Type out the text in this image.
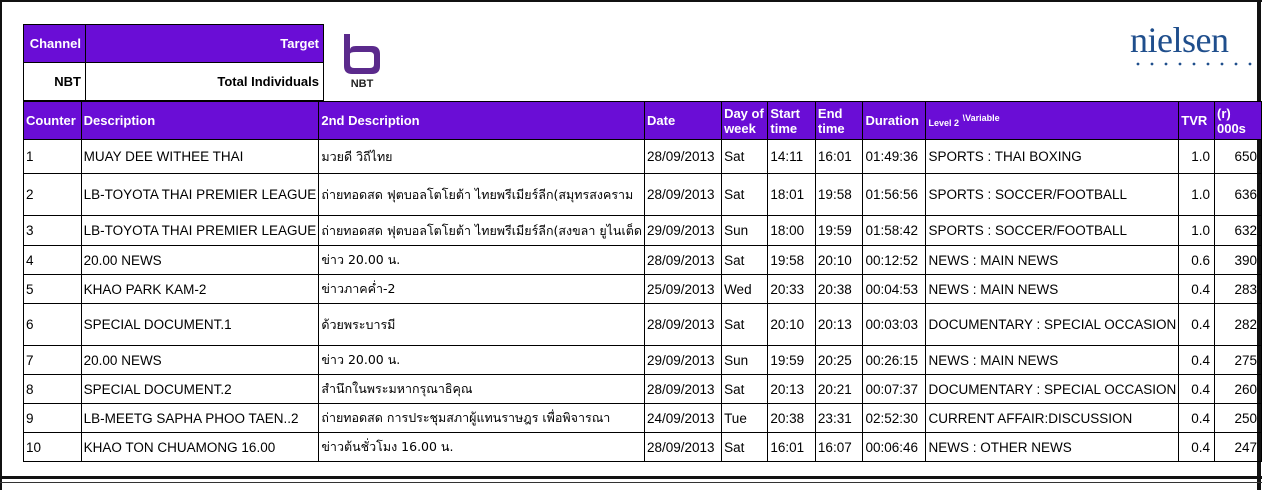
Channel	Target
NBT	Total Individuals	NBT
nielsen
Counter	Description	2nd Description	Date	Day of week	Start time	End time	Duration	Level 2 $^{\backslash Variable}$	TVR	(r) 000s
1	MUAY DEE WITHEE THAI	มวยดี วิถีไทย	28/09/2013	Sat	14:11	16:01	01:49:36	SPORTS : THAI BOXING	1.0	650
2	LB-TOYOTA THAI PREMIER LEAGUE	ถ่ายทอดสด ฟุตบอลโตโยต้า ไทยพรีเมียร์ลีก(สมุทรสงคราม	28/09/2013	Sat	18:01	19:58	01:56:56	SPORTS : SOCCER/FOOTBALL	1.0	636
3	LB-TOYOTA THAI PREMIER LEAGUE	ถ่ายทอดสด ฟุตบอลโตโยต้า ไทยพรีเมียร์ลีก(สงขลา ยูไนเต็ด	29/09/2013	Sun	18:00	19:59	01:58:42	SPORTS : SOCCER/FOOTBALL	1.0	632
4	20.00 NEWS	ข่าว 20.00 น.	28/09/2013	Sat	19:58	20:10	00:12:52	NEWS : MAIN NEWS	0.6	390
5	KHAO PARK KAM-2	ข่าวภาคค่ำ-2	25/09/2013	Wed	20:33	20:38	00:04:53	NEWS : MAIN NEWS	0.4	283
6	SPECIAL DOCUMENT.1	ด้วยพระบารมี	28/09/2013	Sat	20:10	20:13	00:03:03	DOCUMENTARY : SPECIAL OCCASION	0.4	282
7	20.00 NEWS	ข่าว 20.00 น.	29/09/2013	Sun	19:59	20:25	00:26:15	NEWS : MAIN NEWS	0.4	275
8	SPECIAL DOCUMENT.2	สำนึกในพระมหากรุณาธิคุณ	28/09/2013	Sat	20:13	20:21	00:07:37	DOCUMENTARY : SPECIAL OCCASION	0.4	260
9	LB-MEETG SAPHA PHOO TAEN..2	ถ่ายทอดสด การประชุมสภาผู้แทนราษฎร เพื่อพิจารณา	24/09/2013	Tue	20:38	23:31	02:52:30	CURRENT AFFAIR:DISCUSSION	0.4	250
10	KHAO TON CHUAMONG 16.00	ข่าวต้นชั่วโมง 16.00 น.	28/09/2013	Sat	16:01	16:07	00:06:46	NEWS : OTHER NEWS	0.4	247
